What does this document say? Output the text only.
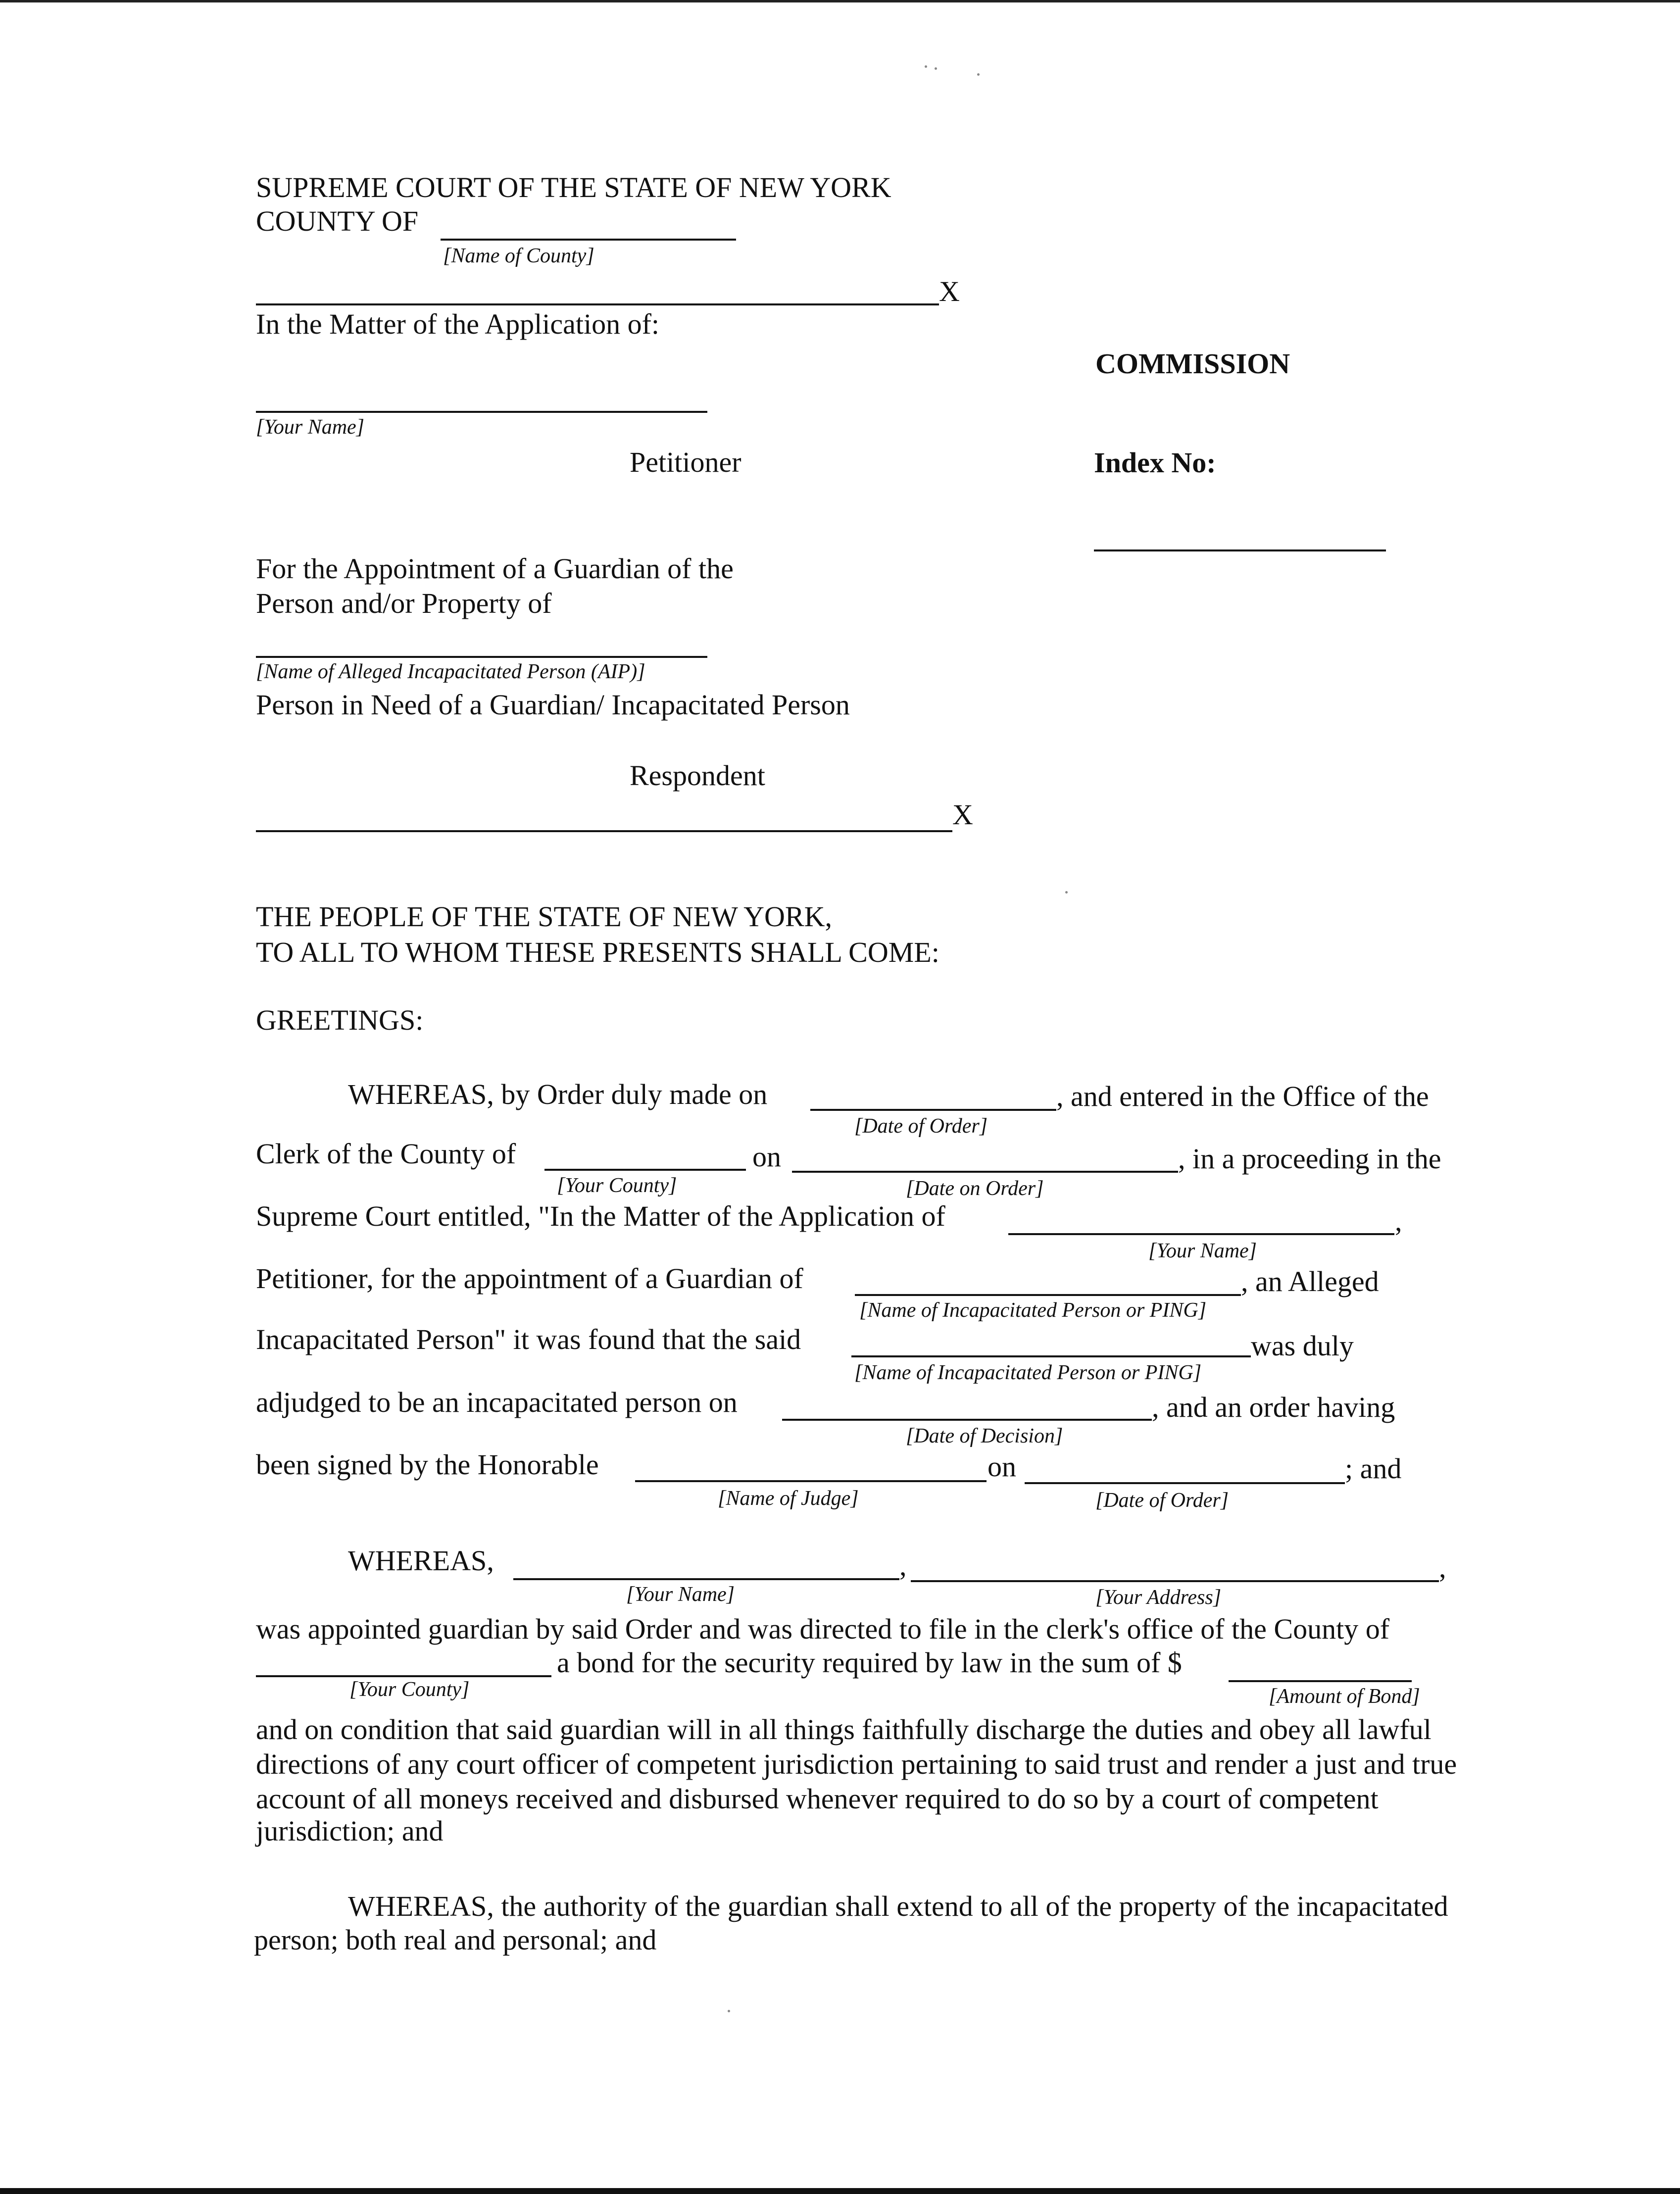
SUPREME COURT OF THE STATE OF NEW YORK
COUNTY OF
[Name of County]
X
In the Matter of the Application of:
[Your Name]
Petitioner
For the Appointment of a Guardian of the
Person and/or Property of
[Name of Alleged Incapacitated Person (AIP)]
Person in Need of a Guardian/ Incapacitated Person
Respondent
X
COMMISSION
Index No:
THE PEOPLE OF THE STATE OF NEW YORK,
TO ALL TO WHOM THESE PRESENTS SHALL COME:
GREETINGS:
WHEREAS, by Order duly made on	, and entered in the Office of the
[Date of Order]
Clerk of the County of	on	, in a proceeding in the
[Your County]	[Date on Order]
Supreme Court entitled, "In the Matter of the Application of	,
[Your Name]
Petitioner, for the appointment of a Guardian of	, an Alleged
[Name of Incapacitated Person or PING]
Incapacitated Person" it was found that the said	was duly
[Name of Incapacitated Person or PING]
adjudged to be an incapacitated person on	, and an order having
[Date of Decision]
been signed by the Honorable	on	; and
[Name of Judge]	[Date of Order]
WHEREAS,	,	,
[Your Name]	[Your Address]
was appointed guardian by said Order and was directed to file in the clerk's office of the County of
a bond for the security required by law in the sum of $
[Your County]	[Amount of Bond]
and on condition that said guardian will in all things faithfully discharge the duties and obey all lawful
directions of any court officer of competent jurisdiction pertaining to said trust and render a just and true
account of all moneys received and disbursed whenever required to do so by a court of competent
jurisdiction; and
WHEREAS, the authority of the guardian shall extend to all of the property of the incapacitated
person; both real and personal; and
